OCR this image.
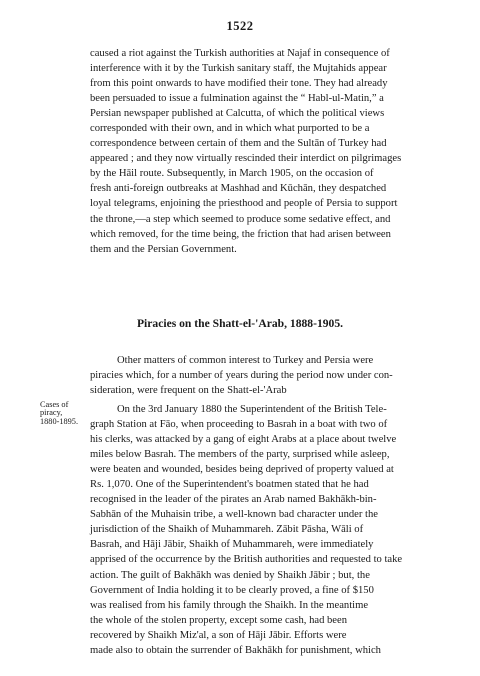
1522
caused a riot against the Turkish authorities at Najaf in consequence of
interference with it by the Turkish sanitary staff, the Mujtahids appear
from this point onwards to have modified their tone. They had already
been persuaded to issue a fulmination against the “ Habl-ul-Matin,” a
Persian newspaper published at Calcutta, of which the political views
corresponded with their own, and in which what purported to be a
correspondence between certain of them and the Sultān of Turkey had
appeared ; and they now virtually rescinded their interdict on pilgrimages
by the Hāil route. Subsequently, in March 1905, on the occasion of
fresh anti-foreign outbreaks at Mashhad and Kūchān, they despatched
loyal telegrams, enjoining the priesthood and people of Persia to support
the throne,—a step which seemed to produce some sedative effect, and
which removed, for the time being, the friction that had arisen between
them and the Persian Government.
Piracies on the Shatt-el-'Arab, 1888-1905.
Other matters of common interest to Turkey and Persia were
piracies which, for a number of years during the period now under con-
sideration, were frequent on the Shatt-el-'Arab
Cases of
piracy,
1880-1895.
On the 3rd January 1880 the Superintendent of the British Tele-
graph Station at Fāo, when proceeding to Basrah in a boat with two of
his clerks, was attacked by a gang of eight Arabs at a place about twelve
miles below Basrah. The members of the party, surprised while asleep,
were beaten and wounded, besides being deprived of property valued at
Rs. 1,070. One of the Superintendent's boatmen stated that he had
recognised in the leader of the pirates an Arab named Bakhākh-bin-
Sabhān of the Muhaisin tribe, a well-known bad character under the
jurisdiction of the Shaikh of Muhammareh. Zābit Pāsha, Wāli of
Basrah, and Hāji Jābir, Shaikh of Muhammareh, were immediately
apprised of the occurrence by the British authorities and requested to take
action. The guilt of Bakhākh was denied by Shaikh Jābir ; but, the
Government of India holding it to be clearly proved, a fine of $150
was realised from his family through the Shaikh. In the meantime
the whole of the stolen property, except some cash, had been
recovered by Shaikh Miz'al, a son of Hāji Jābir. Efforts were
made also to obtain the surrender of Bakhākh for punishment, which
